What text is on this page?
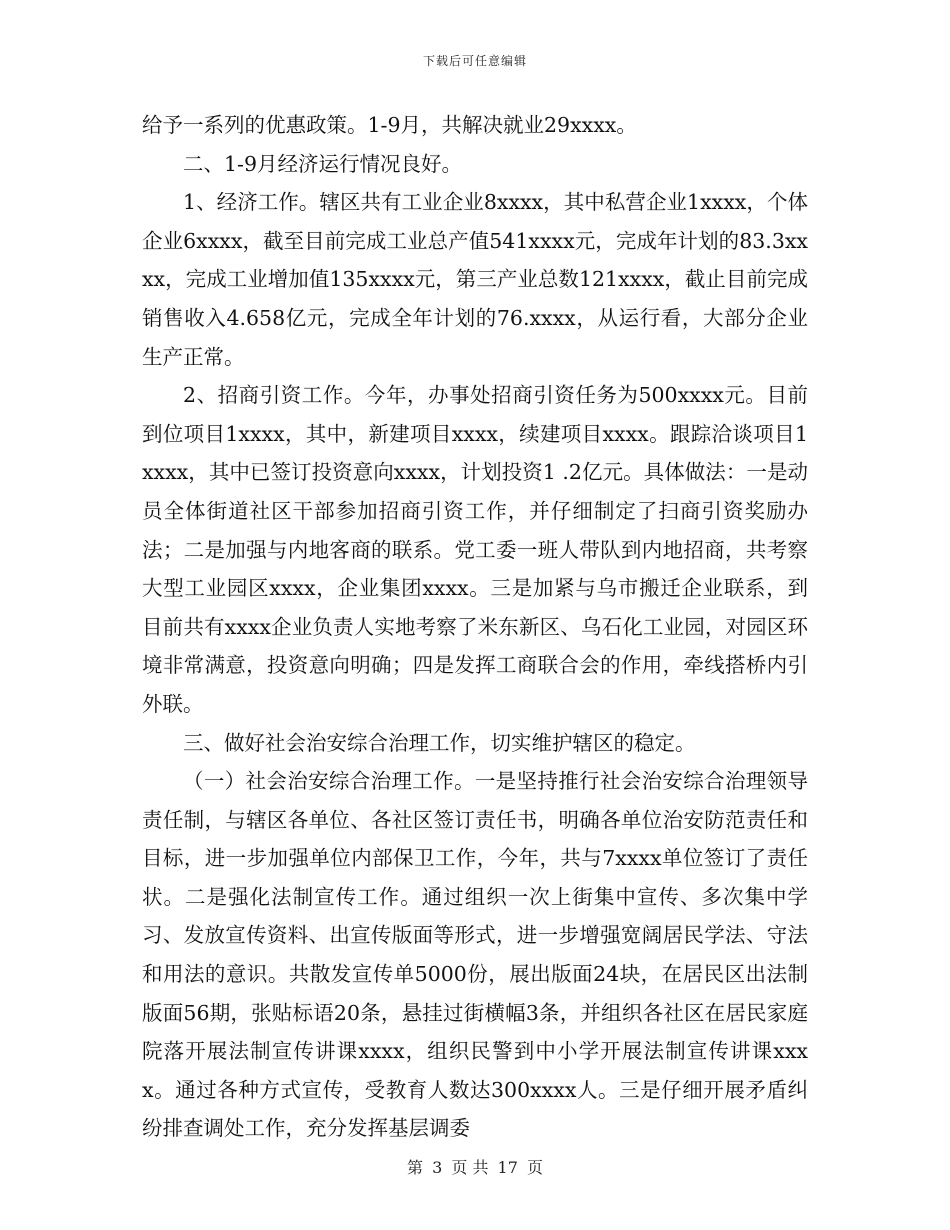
下载后可任意编辑

给予一系列的优惠政策。1-9月，共解决就业29xxxx。

二、1-9月经济运行情况良好。

1、经济工作。辖区共有工业企业8xxxx，其中私营企业1xxxx，个体企业6xxxx，截至目前完成工业总产值541xxxx元，完成年计划的83.3xxxx，完成工业增加值135xxxx元，第三产业总数121xxxx，截止目前完成销售收入4.658亿元，完成全年计划的76.xxxx，从运行看，大部分企业生产正常。

2、招商引资工作。今年，办事处招商引资任务为500xxxx元。目前到位项目1xxxx，其中，新建项目xxxx，续建项目xxxx。跟踪洽谈项目1xxxx，其中已签订投资意向xxxx，计划投资1 .2亿元。具体做法：一是动员全体街道社区干部参加招商引资工作，并仔细制定了扫商引资奖励办法；二是加强与内地客商的联系。党工委一班人带队到内地招商，共考察大型工业园区xxxx，企业集团xxxx。三是加紧与乌市搬迁企业联系，到目前共有xxxx企业负责人实地考察了米东新区、乌石化工业园，对园区环境非常满意，投资意向明确；四是发挥工商联合会的作用，牵线搭桥内引外联。

三、做好社会治安综合治理工作，切实维护辖区的稳定。

（一）社会治安综合治理工作。一是坚持推行社会治安综合治理领导责任制，与辖区各单位、各社区签订责任书，明确各单位治安防范责任和目标，进一步加强单位内部保卫工作，今年，共与7xxxx单位签订了责任状。二是强化法制宣传工作。通过组织一次上街集中宣传、多次集中学习、发放宣传资料、出宣传版面等形式，进一步增强宽阔居民学法、守法和用法的意识。共散发宣传单5000份，展出版面24块，在居民区出法制版面56期，张贴标语20条，悬挂过街横幅3条，并组织各社区在居民家庭院落开展法制宣传讲课xxxx，组织民警到中小学开展法制宣传讲课xxxx。通过各种方式宣传，受教育人数达300xxxx人。三是仔细开展矛盾纠纷排查调处工作，充分发挥基层调委

第 3 页 共 17 页
